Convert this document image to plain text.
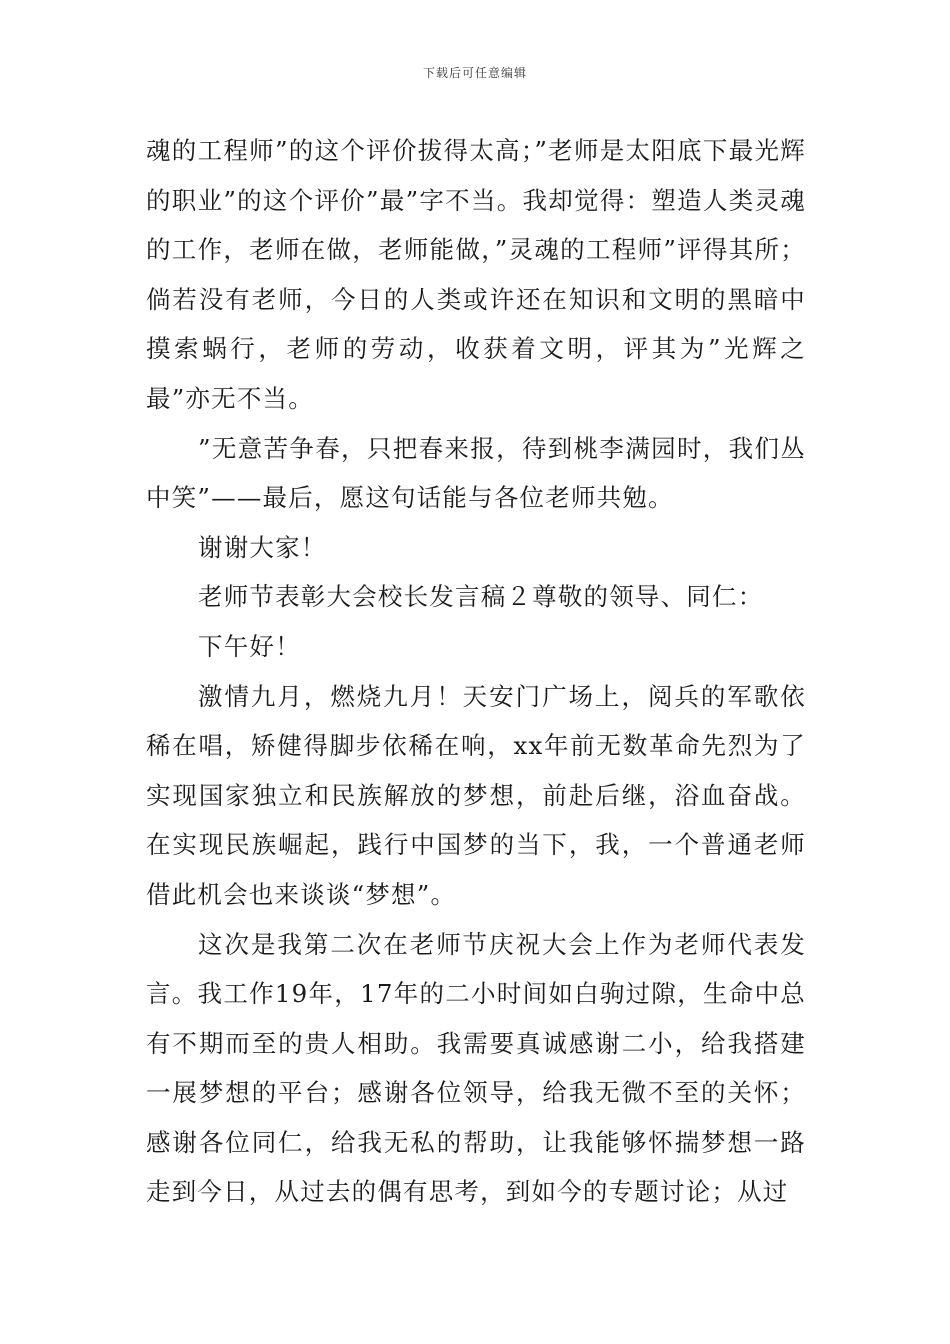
下载后可任意编辑

魂的工程师”的这个评价拔得太高；”老师是太阳底下最光辉的职业”的这个评价”最”字不当。我却觉得：塑造人类灵魂的工作，老师在做，老师能做，”灵魂的工程师”评得其所；倘若没有老师，今日的人类或许还在知识和文明的黑暗中摸索蜗行，老师的劳动，收获着文明，评其为”光辉之最”亦无不当。

”无意苦争春，只把春来报，待到桃李满园时，我们丛中笑”——最后，愿这句话能与各位老师共勉。

谢谢大家！

老师节表彰大会校长发言稿２尊敬的领导、同仁：

下午好！

激情九月，燃烧九月！天安门广场上，阅兵的军歌依稀在唱，矫健得脚步依稀在响，xx年前无数革命先烈为了实现国家独立和民族解放的梦想，前赴后继，浴血奋战。在实现民族崛起，践行中国梦的当下，我，一个普通老师借此机会也来谈谈“梦想”。

这次是我第二次在老师节庆祝大会上作为老师代表发言。我工作19年，17年的二小时间如白驹过隙，生命中总有不期而至的贵人相助。我需要真诚感谢二小，给我搭建一展梦想的平台；感谢各位领导，给我无微不至的关怀；感谢各位同仁，给我无私的帮助，让我能够怀揣梦想一路走到今日，从过去的偶有思考，到如今的专题讨论；从过
